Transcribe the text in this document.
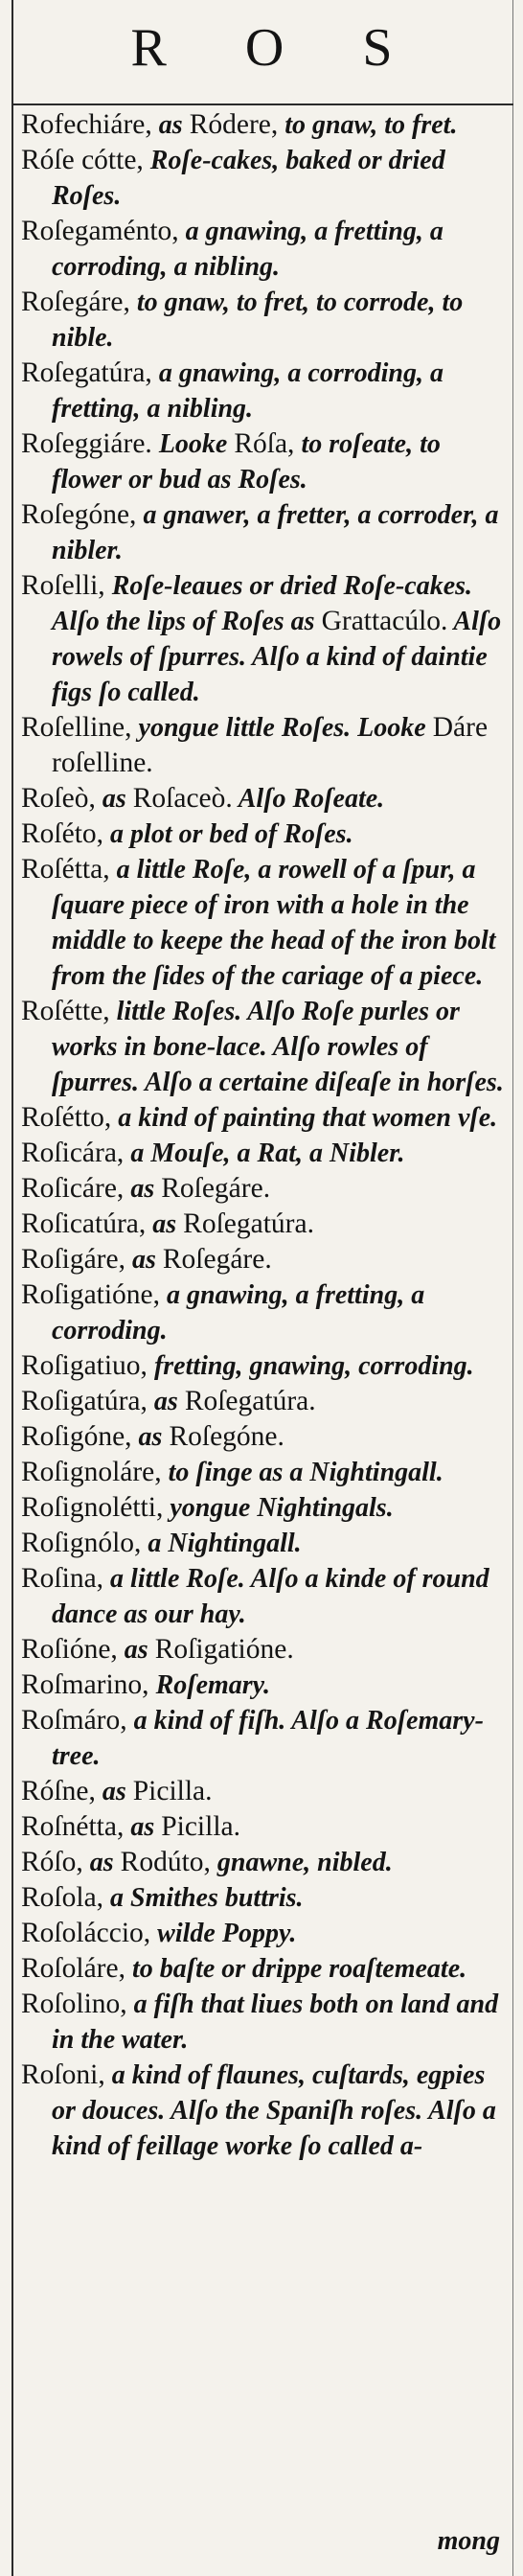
R O S

Rofechiáre, as Ródere, to gnaw, to fret.

Róſe cótte, Roſe-cakes, baked or dried Roſes.

Roſegaménto, a gnawing, a fretting, a corroding, a nibling.

Roſegáre, to gnaw, to fret, to corrode, to nible.

Roſegatúra, a gnawing, a corroding, a fretting, a nibling.

Roſeggiáre. Looke Róſa, to roſeate, to flower or bud as Roſes.

Roſegóne, a gnawer, a fretter, a corroder, a nibler.

Roſelli, Roſe-leaues or dried Roſe-cakes. Alſo the lips of Roſes as Grattacúlo. Alſo rowels of ſpurres. Alſo a kind of daintie figs ſo called.

Roſelline, yongue little Roſes. Looke Dáre roſelline.

Roſeò, as Roſaceò. Alſo Roſeate.

Roſéto, a plot or bed of Roſes.

Roſétta, a little Roſe, a rowell of a ſpur, a ſquare piece of iron with a hole in the middle to keepe the head of the iron bolt from the ſides of the cariage of a piece.

Roſétte, little Roſes. Alſo Roſe purles or works in bone-lace. Alſo rowles of ſpurres. Alſo a certaine diſeaſe in horſes.

Roſétto, a kind of painting that women vſe.

Roſicára, a Mouſe, a Rat, a Nibler.

Roſicáre, as Roſegáre.

Roſicatúra, as Roſegatúra.

Roſigáre, as Roſegáre.

Roſigatióne, a gnawing, a fretting, a corroding.

Roſigatiuo, fretting, gnawing, corroding.

Roſigatúra, as Roſegatúra.

Roſigóne, as Roſegóne.

Roſignoláre, to ſinge as a Nightingall.

Roſignolétti, yongue Nightingals.

Roſignólo, a Nightingall.

Roſina, a little Roſe. Alſo a kinde of round dance as our hay.

Roſióne, as Roſigatióne.

Roſmarino, Roſemary.

Roſmáro, a kind of fiſh. Alſo a Roſemary-tree.

Róſne, as Picilla.

Roſnétta, as Picilla.

Róſo, as Rodúto, gnawne, nibled.

Roſola, a Smithes buttris.

Roſoláccio, wilde Poppy.

Roſoláre, to baſte or drippe roaſtemeate.

Roſolino, a fiſh that liues both on land and in the water.

Roſoni, a kind of flaunes, cuſtards, egpies or douces. Alſo the Spaniſh roſes. Alſo a kind of feillage worke ſo called a-

mong
